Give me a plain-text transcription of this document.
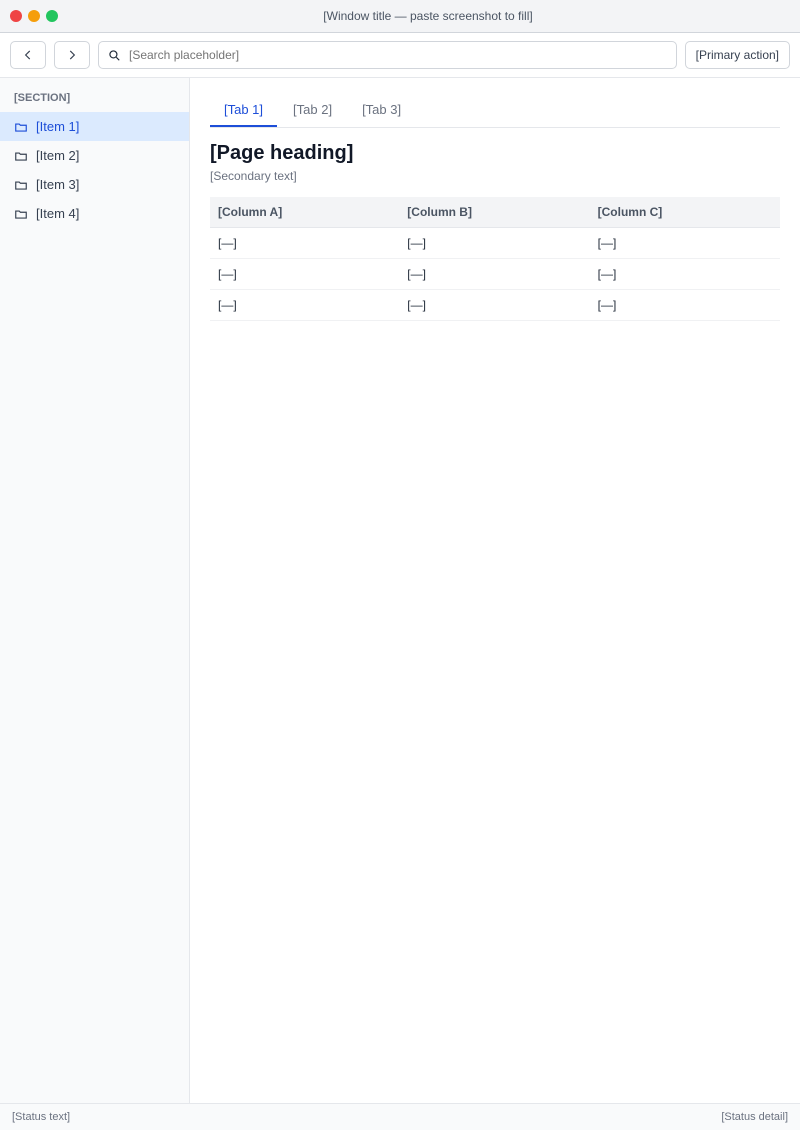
[Window title — paste screenshot to fill]
[Search placeholder]
[Primary action]
[SECTION]
[Item 1]
[Item 2]
[Item 3]
[Item 4]
[Tab 1]	[Tab 2]	[Tab 3]
[Page heading]

[Secondary text]

[Column A]	[Column B]	[Column C]
[—]	[—]	[—]
[—]	[—]	[—]
[—]	[—]	[—]
[Status text]	[Status detail]
